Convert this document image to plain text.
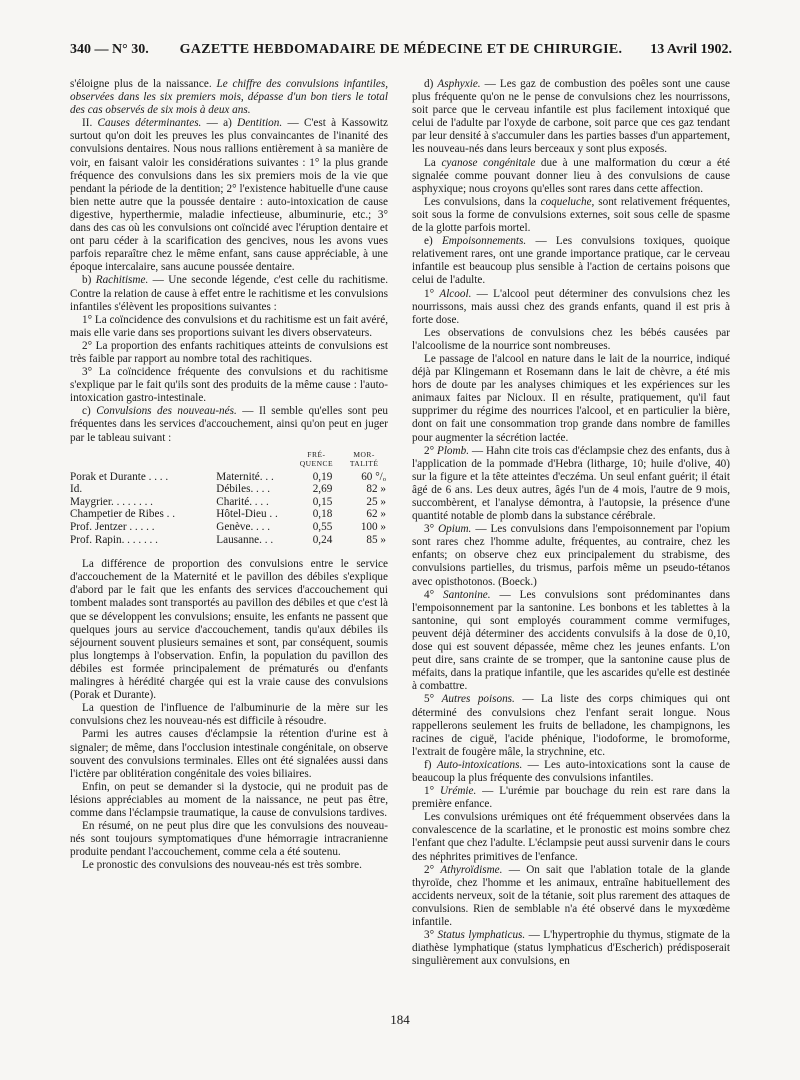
340 — N° 30.	GAZETTE HEBDOMADAIRE DE MÉDECINE ET DE CHIRURGIE.	13 Avril 1902.

s'éloigne plus de la naissance. Le chiffre des convulsions infantiles, observées dans les six premiers mois, dépasse d'un bon tiers le total des cas observés de six mois à deux ans.

II. Causes déterminantes. — a) Dentition. — C'est à Kassowitz surtout qu'on doit les preuves les plus convaincantes de l'inanité des convulsions dentaires. Nous nous rallions entièrement à sa manière de voir, en faisant valoir les considérations suivantes : 1° la plus grande fréquence des convulsions dans les six premiers mois de la vie que pendant la période de la dentition; 2° l'existence habituelle d'une cause bien nette autre que la poussée dentaire : auto-intoxication de cause digestive, hyperthermie, maladie infectieuse, albuminurie, etc.; 3° dans des cas où les convulsions ont coïncidé avec l'éruption dentaire et ont paru céder à la scarification des gencives, nous les avons vues parfois reparaître chez le même enfant, sans cause appréciable, à une époque intercalaire, sans aucune poussée dentaire.

b) Rachitisme. — Une seconde légende, c'est celle du rachitisme. Contre la relation de cause à effet entre le rachitisme et les convulsions infantiles s'élèvent les propositions suivantes :

1° La coïncidence des convulsions et du rachitisme est un fait avéré, mais elle varie dans ses proportions suivant les divers observateurs.

2° La proportion des enfants rachitiques atteints de convulsions est très faible par rapport au nombre total des rachitiques.

3° La coïncidence fréquente des convulsions et du rachitisme s'explique par le fait qu'ils sont des produits de la même cause : l'auto-intoxication gastro-intestinale.

c) Convulsions des nouveau-nés. — Il semble qu'elles sont peu fréquentes dans les services d'accouchement, ainsi qu'on peut en juger par le tableau suivant :

		FRÉ-QUENCE	MOR-TALITÉ
Porak et Durante . . . .	Maternité. . .	0,19	60 °/ₒ
Id.	Débiles. . . .	2,69	82 »
Maygrier. . . . . . . .	Charité. . . .	0,15	25 »
Champetier de Ribes . .	Hôtel-Dieu . .	0,18	62 »
Prof. Jentzer . . . . .	Genève. . . .	0,55	100 »
Prof. Rapin. . . . . . .	Lausanne. . .	0,24	85 »

La différence de proportion des convulsions entre le service d'accouchement de la Maternité et le pavillon des débiles s'explique d'abord par le fait que les enfants des services d'accouchement qui tombent malades sont transportés au pavillon des débiles et que c'est là que se développent les convulsions; ensuite, les enfants ne passent que quelques jours au service d'accouchement, tandis qu'aux débiles ils séjournent souvent plusieurs semaines et sont, par conséquent, soumis plus longtemps à l'observation. Enfin, la population du pavillon des débiles est formée principalement de prématurés ou d'enfants malingres à hérédité chargée qui est la vraie cause des convulsions (Porak et Durante).

La question de l'influence de l'albuminurie de la mère sur les convulsions chez les nouveau-nés est difficile à résoudre.

Parmi les autres causes d'éclampsie la rétention d'urine est à signaler; de même, dans l'occlusion intestinale congénitale, on observe souvent des convulsions terminales. Elles ont été signalées aussi dans l'ictère par oblitération congénitale des voies biliaires.

Enfin, on peut se demander si la dystocie, qui ne produit pas de lésions appréciables au moment de la naissance, ne peut pas être, comme dans l'éclampsie traumatique, la cause de convulsions tardives.

En résumé, on ne peut plus dire que les convulsions des nouveau-nés sont toujours symptomatiques d'une hémorragie intracranienne produite pendant l'accouchement, comme cela a été soutenu.

Le pronostic des convulsions des nouveau-nés est très sombre.

d) Asphyxie. — Les gaz de combustion des poêles sont une cause plus fréquente qu'on ne le pense de convulsions chez les nourrissons, soit parce que le cerveau infantile est plus facilement intoxiqué que celui de l'adulte par l'oxyde de carbone, soit parce que ces gaz tendant par leur densité à s'accumuler dans les parties basses d'un appartement, les nouveau-nés dans leurs berceaux y sont plus exposés.

La cyanose congénitale due à une malformation du cœur a été signalée comme pouvant donner lieu à des convulsions de cause asphyxique; nous croyons qu'elles sont rares dans cette affection.

Les convulsions, dans la coqueluche, sont relativement fréquentes, soit sous la forme de convulsions externes, soit sous celle de spasme de la glotte parfois mortel.

e) Empoisonnements. — Les convulsions toxiques, quoique relativement rares, ont une grande importance pratique, car le cerveau infantile est beaucoup plus sensible à l'action de certains poisons que celui de l'adulte.

1° Alcool. — L'alcool peut déterminer des convulsions chez les nourrissons, mais aussi chez des grands enfants, quand il est pris à forte dose.

Les observations de convulsions chez les bébés causées par l'alcoolisme de la nourrice sont nombreuses.

Le passage de l'alcool en nature dans le lait de la nourrice, indiqué déjà par Klingemann et Rosemann dans le lait de chèvre, a été mis hors de doute par les analyses chimiques et les expériences sur les animaux faites par Nicloux. Il en résulte, pratiquement, qu'il faut supprimer du régime des nourrices l'alcool, et en particulier la bière, dont on fait une consommation trop grande dans nombre de familles pour augmenter la sécrétion lactée.

2° Plomb. — Hahn cite trois cas d'éclampsie chez des enfants, dus à l'application de la pommade d'Hebra (litharge, 10; huile d'olive, 40) sur la figure et la tête atteintes d'eczéma. Un seul enfant guérit; il était âgé de 6 ans. Les deux autres, âgés l'un de 4 mois, l'autre de 9 mois, succombèrent, et l'analyse démontra, à l'autopsie, la présence d'une quantité notable de plomb dans la substance cérébrale.

3° Opium. — Les convulsions dans l'empoisonnement par l'opium sont rares chez l'homme adulte, fréquentes, au contraire, chez les enfants; on observe chez eux principalement du strabisme, des convulsions partielles, du trismus, parfois même un pseudo-tétanos avec opisthotonos. (Boeck.)

4° Santonine. — Les convulsions sont prédominantes dans l'empoisonnement par la santonine. Les bonbons et les tablettes à la santonine, qui sont employés couramment comme vermifuges, peuvent déjà déterminer des accidents convulsifs à la dose de 0,10, dose qui est souvent dépassée, même chez les jeunes enfants. L'on peut dire, sans crainte de se tromper, que la santonine cause plus de méfaits, dans la pratique infantile, que les ascarides qu'elle est destinée à combattre.

5° Autres poisons. — La liste des corps chimiques qui ont déterminé des convulsions chez l'enfant serait longue. Nous rappellerons seulement les fruits de belladone, les champignons, les racines de ciguë, l'acide phénique, l'iodoforme, le bromoforme, l'extrait de fougère mâle, la strychnine, etc.

f) Auto-intoxications. — Les auto-intoxications sont la cause de beaucoup la plus fréquente des convulsions infantiles.

1° Urémie. — L'urémie par bouchage du rein est rare dans la première enfance.

Les convulsions urémiques ont été fréquemment observées dans la convalescence de la scarlatine, et le pronostic est moins sombre chez l'enfant que chez l'adulte. L'éclampsie peut aussi survenir dans le cours des néphrites primitives de l'enfance.

2° Athyroïdisme. — On sait que l'ablation totale de la glande thyroïde, chez l'homme et les animaux, entraîne habituellement des accidents nerveux, soit de la tétanie, soit plus rarement des attaques de convulsions. Rien de semblable n'a été observé dans le myxœdème infantile.

3° Status lymphaticus. — L'hypertrophie du thymus, stigmate de la diathèse lymphatique (status lymphaticus d'Escherich) prédisposerait singulièrement aux convulsions, en

184
